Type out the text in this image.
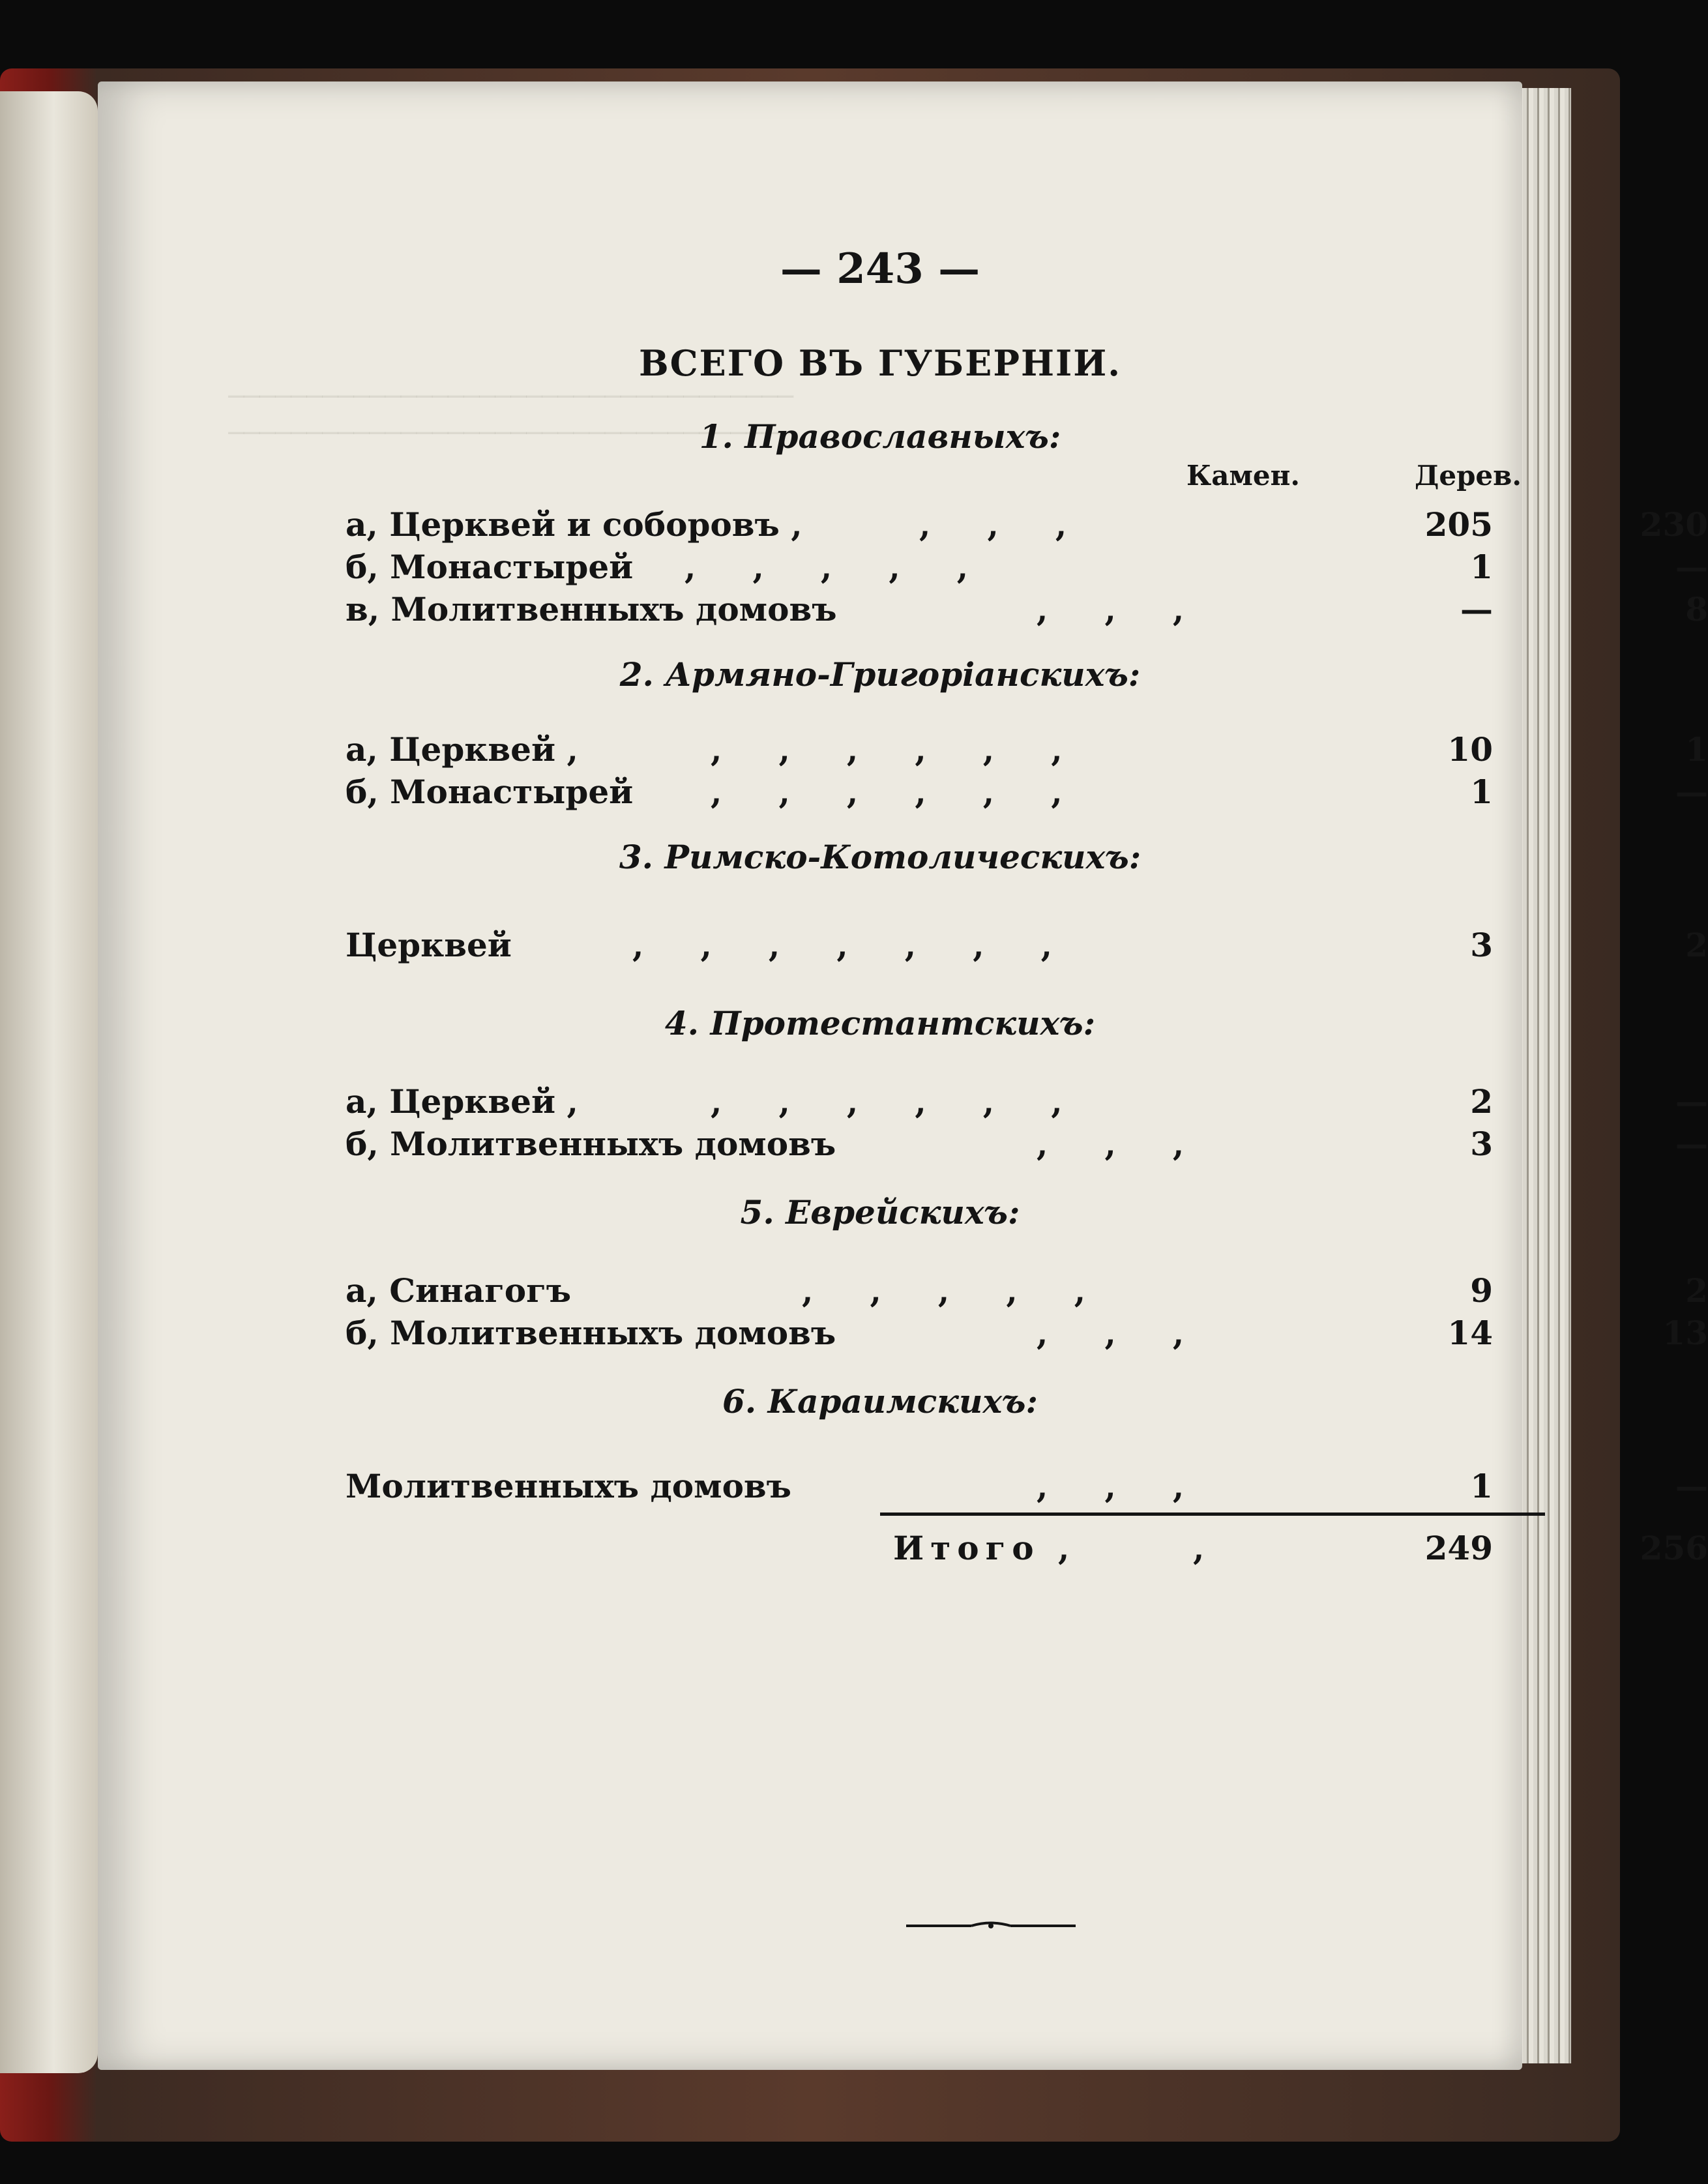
────────────────────────────────────
────────────────────────────────────

— 243 —
ВСЕГО ВЪ ГУБЕРНІИ.
Камен.	Дерев.
1. Православныхъ:
а, Церквей и соборовъ ,	,     ,     ,	205	230
б, Монастырей ,     ,     ,     ,     ,	1	—
в, Молитвенныхъ домовъ	,     ,     ,	—	8
2. Армяно-Григоріанскихъ:
а, Церквей ,	,     ,     ,     ,     ,     ,	10	1
б, Монастырей ,     ,     ,     ,     ,     ,	1	—
3. Римско-Котолическихъ:
Церквей	,     ,     ,     ,     ,     ,     ,	3	2
4. Протестантскихъ:
а, Церквей ,	,     ,     ,     ,     ,     ,	2	—
б, Молитвенныхъ домовъ	,     ,     ,	3	—
5. Еврейскихъ:
а, Синагогъ	,     ,     ,     ,     ,	9	2
б, Молитвенныхъ домовъ	,     ,     ,	14	13
6. Караимскихъ:
Молитвенныхъ домовъ	,     ,     ,	1	—
Итого ,	,	249	256
